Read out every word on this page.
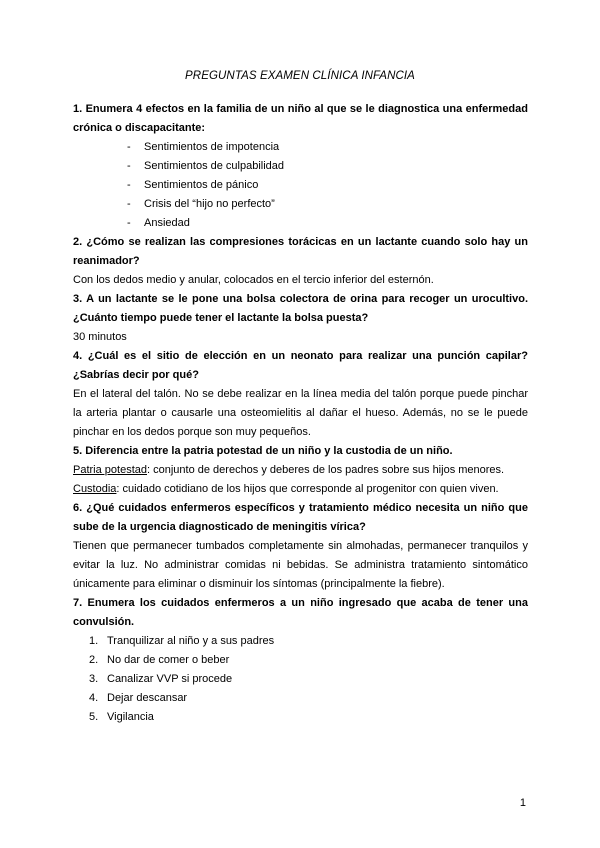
PREGUNTAS EXAMEN CLÍNICA INFANCIA

1. Enumera 4 efectos en la familia de un niño al que se le diagnostica una enfermedad crónica o discapacitante:

- Sentimientos de impotencia
- Sentimientos de culpabilidad
- Sentimientos de pánico
- Crisis del “hijo no perfecto”
- Ansiedad

2. ¿Cómo se realizan las compresiones torácicas en un lactante cuando solo hay un reanimador?

Con los dedos medio y anular, colocados en el tercio inferior del esternón.

3. A un lactante se le pone una bolsa colectora de orina para recoger un urocultivo. ¿Cuánto tiempo puede tener el lactante la bolsa puesta?

30 minutos

4. ¿Cuál es el sitio de elección en un neonato para realizar una punción capilar? ¿Sabrías decir por qué?

En el lateral del talón. No se debe realizar en la línea media del talón porque puede pinchar la arteria plantar o causarle una osteomielitis al dañar el hueso. Además, no se le puede pinchar en los dedos porque son muy pequeños.

5. Diferencia entre la patria potestad de un niño y la custodia de un niño.

Patria potestad: conjunto de derechos y deberes de los padres sobre sus hijos menores.

Custodia: cuidado cotidiano de los hijos que corresponde al progenitor con quien viven.

6. ¿Qué cuidados enfermeros específicos y tratamiento médico necesita un niño que sube de la urgencia diagnosticado de meningitis vírica?

Tienen que permanecer tumbados completamente sin almohadas, permanecer tranquilos y evitar la luz. No administrar comidas ni bebidas. Se administra tratamiento sintomático únicamente para eliminar o disminuir los síntomas (principalmente la fiebre).

7. Enumera los cuidados enfermeros a un niño ingresado que acaba de tener una convulsión.

1. Tranquilizar al niño y a sus padres
2. No dar de comer o beber
3. Canalizar VVP si procede
4. Dejar descansar
5. Vigilancia
1
